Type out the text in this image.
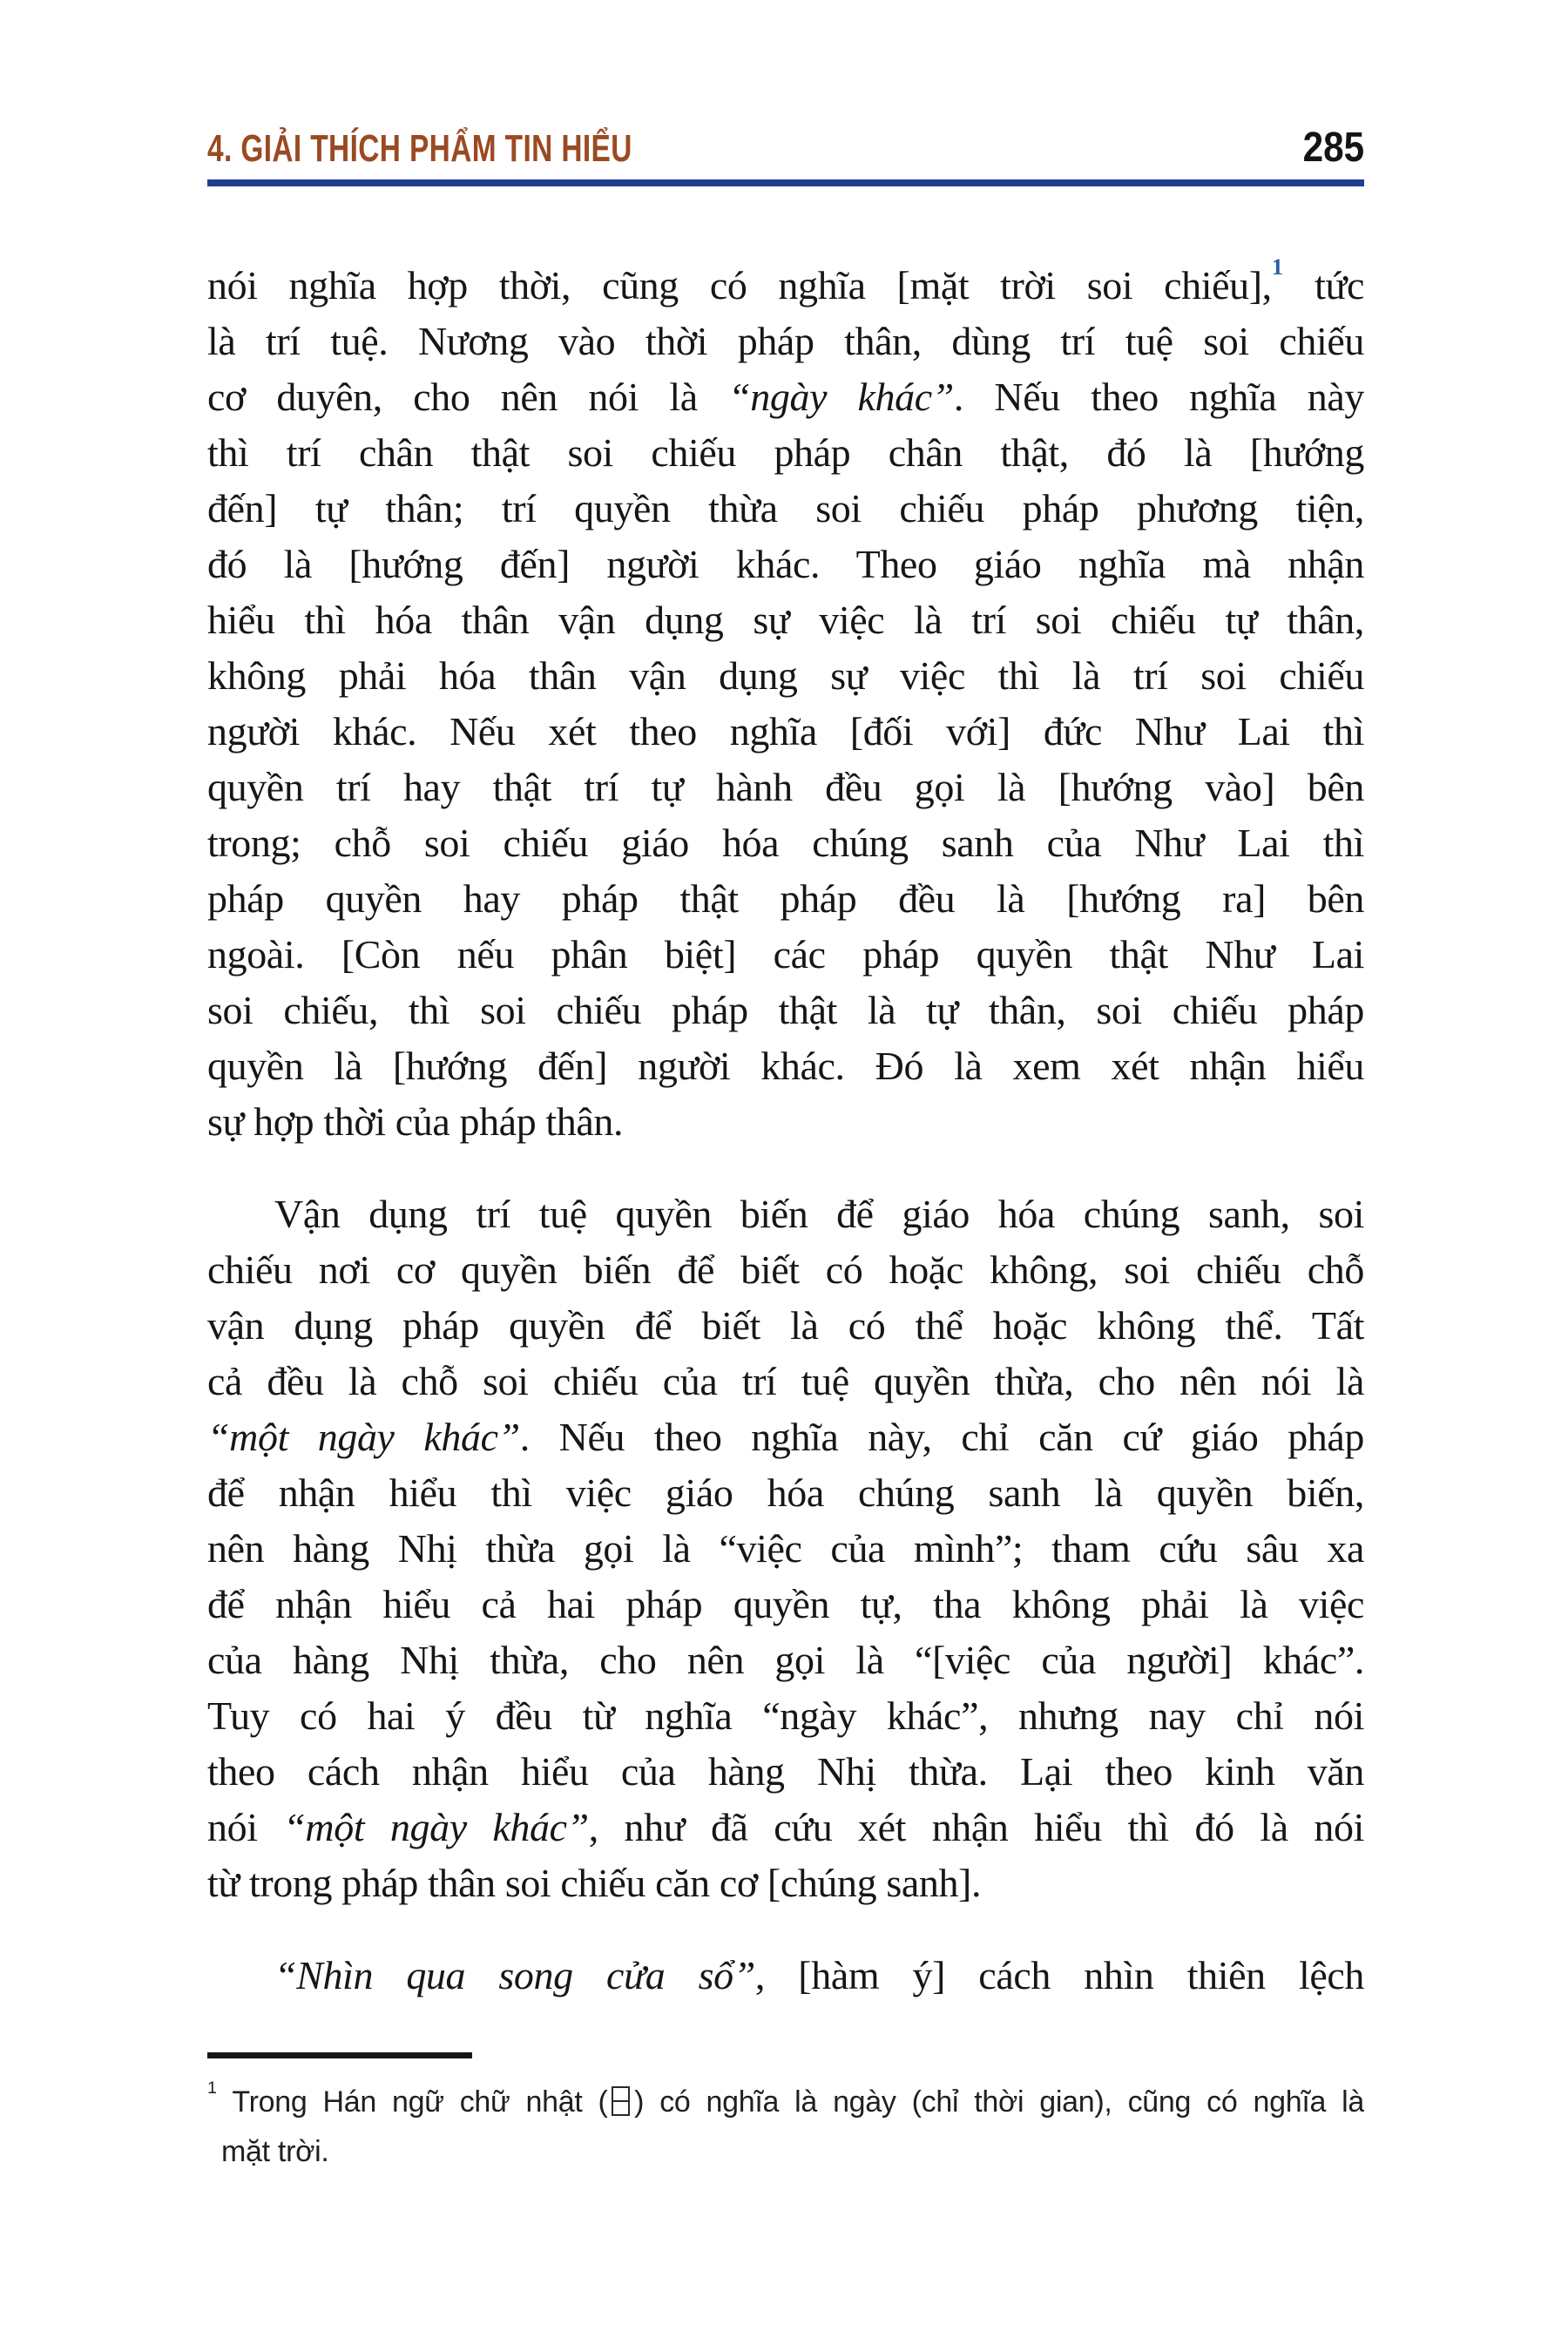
4. GIẢI THÍCH PHẨM TIN HIỂU	285
nói nghĩa hợp thời, cũng có nghĩa [mặt trời soi chiếu],$^1$ tức
là trí tuệ. Nương vào thời pháp thân, dùng trí tuệ soi chiếu
cơ duyên, cho nên nói là “ngày khác”. Nếu theo nghĩa này
thì trí chân thật soi chiếu pháp chân thật, đó là [hướng
đến] tự thân; trí quyền thừa soi chiếu pháp phương tiện,
đó là [hướng đến] người khác. Theo giáo nghĩa mà nhận
hiểu thì hóa thân vận dụng sự việc là trí soi chiếu tự thân,
không phải hóa thân vận dụng sự việc thì là trí soi chiếu
người khác. Nếu xét theo nghĩa [đối với] đức Như Lai thì
quyền trí hay thật trí tự hành đều gọi là [hướng vào] bên
trong; chỗ soi chiếu giáo hóa chúng sanh của Như Lai thì
pháp quyền hay pháp thật pháp đều là [hướng ra] bên
ngoài. [Còn nếu phân biệt] các pháp quyền thật Như Lai
soi chiếu, thì soi chiếu pháp thật là tự thân, soi chiếu pháp
quyền là [hướng đến] người khác. Đó là xem xét nhận hiểu
sự hợp thời của pháp thân.
Vận dụng trí tuệ quyền biến để giáo hóa chúng sanh, soi
chiếu nơi cơ quyền biến để biết có hoặc không, soi chiếu chỗ
vận dụng pháp quyền để biết là có thể hoặc không thể. Tất
cả đều là chỗ soi chiếu của trí tuệ quyền thừa, cho nên nói là
“một ngày khác”. Nếu theo nghĩa này, chỉ căn cứ giáo pháp
để nhận hiểu thì việc giáo hóa chúng sanh là quyền biến,
nên hàng Nhị thừa gọi là “việc của mình”; tham cứu sâu xa
để nhận hiểu cả hai pháp quyền tự, tha không phải là việc
của hàng Nhị thừa, cho nên gọi là “[việc của người] khác”.
Tuy có hai ý đều từ nghĩa “ngày khác”, nhưng nay chỉ nói
theo cách nhận hiểu của hàng Nhị thừa. Lại theo kinh văn
nói “một ngày khác”, như đã cứu xét nhận hiểu thì đó là nói
từ trong pháp thân soi chiếu căn cơ [chúng sanh].
“Nhìn qua song cửa sổ”, [hàm ý] cách nhìn thiên lệch
$^1$ Trong Hán ngữ chữ nhật ( ) có nghĩa là ngày (chỉ thời gian), cũng có nghĩa là
mặt trời.
